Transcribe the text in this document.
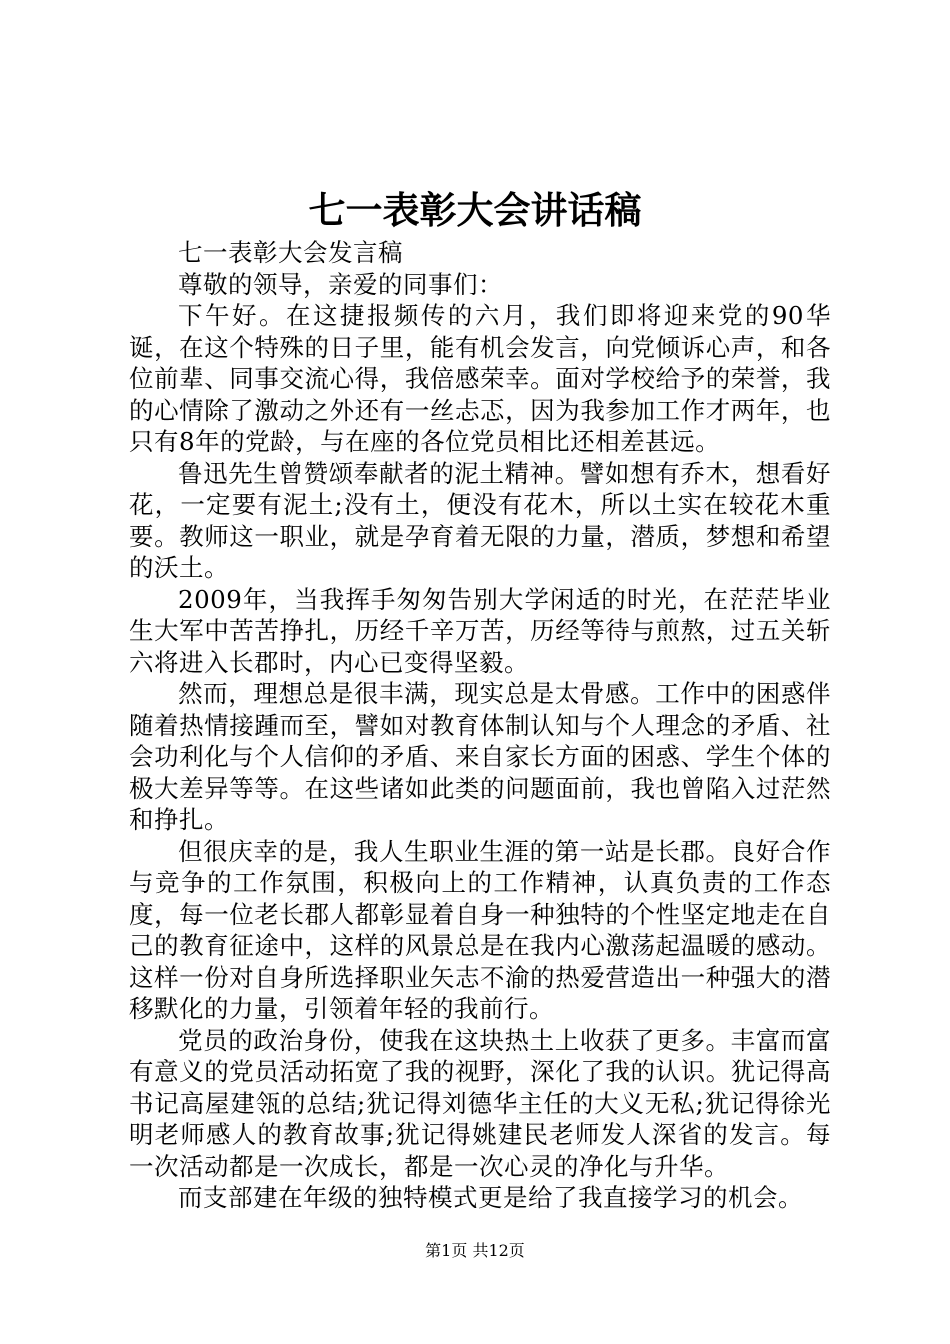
七一表彰大会讲话稿

七一表彰大会发言稿

尊敬的领导，亲爱的同事们：

下午好。在这捷报频传的六月，我们即将迎来党的90华诞，在这个特殊的日子里，能有机会发言，向党倾诉心声，和各位前辈、同事交流心得，我倍感荣幸。面对学校给予的荣誉，我的心情除了激动之外还有一丝忐忑，因为我参加工作才两年，也只有8年的党龄，与在座的各位党员相比还相差甚远。

鲁迅先生曾赞颂奉献者的泥土精神。譬如想有乔木，想看好花，一定要有泥土;没有土，便没有花木，所以土实在较花木重要。教师这一职业，就是孕育着无限的力量，潜质，梦想和希望的沃土。

2009年，当我挥手匆匆告别大学闲适的时光，在茫茫毕业生大军中苦苦挣扎，历经千辛万苦，历经等待与煎熬，过五关斩六将进入长郡时，内心已变得坚毅。

然而，理想总是很丰满，现实总是太骨感。工作中的困惑伴随着热情接踵而至，譬如对教育体制认知与个人理念的矛盾、社会功利化与个人信仰的矛盾、来自家长方面的困惑、学生个体的极大差异等等。在这些诸如此类的问题面前，我也曾陷入过茫然和挣扎。

但很庆幸的是，我人生职业生涯的第一站是长郡。良好合作与竞争的工作氛围，积极向上的工作精神，认真负责的工作态度，每一位老长郡人都彰显着自身一种独特的个性坚定地走在自己的教育征途中，这样的风景总是在我内心激荡起温暖的感动。这样一份对自身所选择职业矢志不渝的热爱营造出一种强大的潜移默化的力量，引领着年轻的我前行。

党员的政治身份，使我在这块热土上收获了更多。丰富而富有意义的党员活动拓宽了我的视野，深化了我的认识。犹记得高书记高屋建瓴的总结;犹记得刘德华主任的大义无私;犹记得徐光明老师感人的教育故事;犹记得姚建民老师发人深省的发言。每一次活动都是一次成长，都是一次心灵的净化与升华。

而支部建在年级的独特模式更是给了我直接学习的机会。

第1页 共12页
